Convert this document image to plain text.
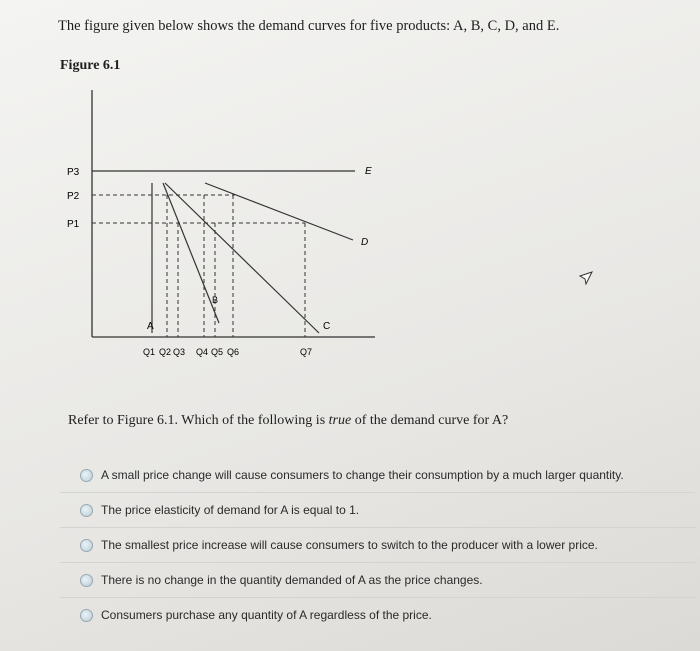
The figure given below shows the demand curves for five products: A, B, C, D, and E.
Figure 6.1
P3
P2
P1
E
D
B
A	C
Q1 Q2 Q3 Q4 Q5 Q6	Q7
Refer to Figure 6.1. Which of the following is true of the demand curve for A?
A small price change will cause consumers to change their consumption by a much larger quantity.
The price elasticity of demand for A is equal to 1.
The smallest price increase will cause consumers to switch to the producer with a lower price.
There is no change in the quantity demanded of A as the price changes.
Consumers purchase any quantity of A regardless of the price.
